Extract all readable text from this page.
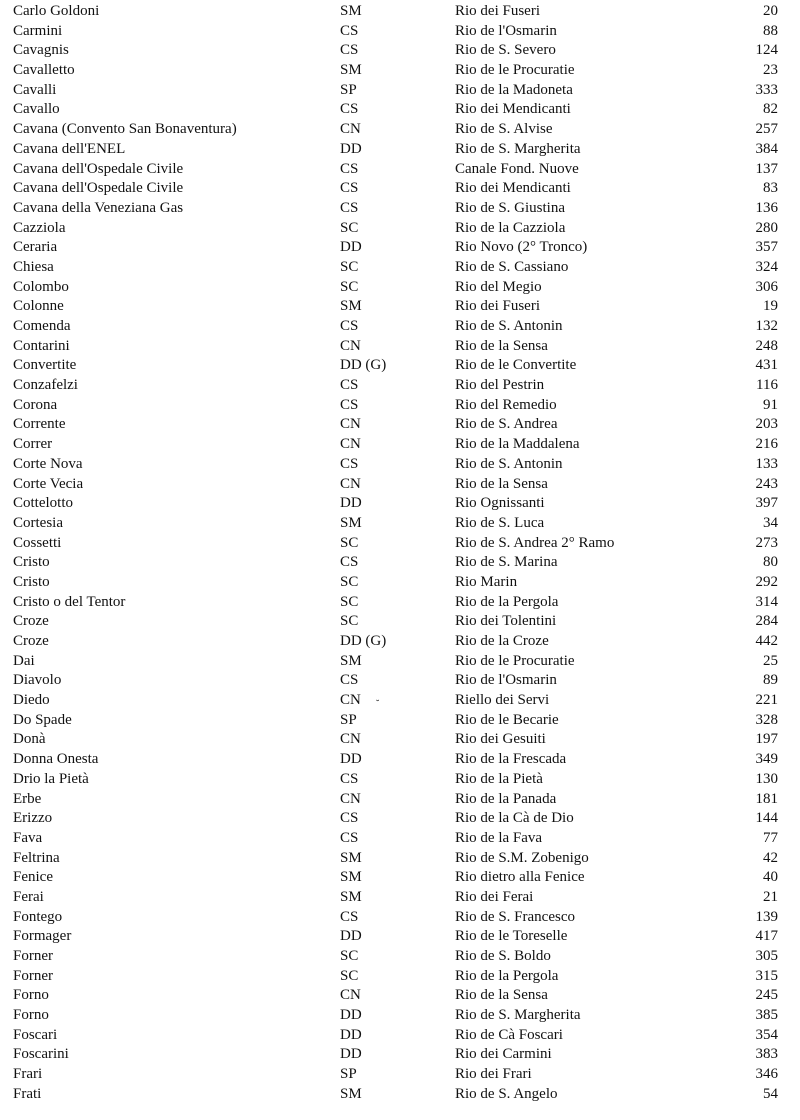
Carlo Goldoni	SM	Rio dei Fuseri	20
Carmini	CS	Rio de l'Osmarin	88
Cavagnis	CS	Rio de S. Severo	124
Cavalletto	SM	Rio de le Procuratie	23
Cavalli	SP	Rio de la Madoneta	333
Cavallo	CS	Rio dei Mendicanti	82
Cavana (Convento San Bonaventura)	CN	Rio de S. Alvise	257
Cavana dell'ENEL	DD	Rio de S. Margherita	384
Cavana dell'Ospedale Civile	CS	Canale Fond. Nuove	137
Cavana dell'Ospedale Civile	CS	Rio dei Mendicanti	83
Cavana della Veneziana Gas	CS	Rio de S. Giustina	136
Cazziola	SC	Rio de la Cazziola	280
Ceraria	DD	Rio Novo (2° Tronco)	357
Chiesa	SC	Rio de S. Cassiano	324
Colombo	SC	Rio del Megio	306
Colonne	SM	Rio dei Fuseri	19
Comenda	CS	Rio de S. Antonin	132
Contarini	CN	Rio de la Sensa	248
Convertite	DD (G)	Rio de le Convertite	431
Conzafelzi	CS	Rio del Pestrin	116
Corona	CS	Rio del Remedio	91
Corrente	CN	Rio de S. Andrea	203
Correr	CN	Rio de la Maddalena	216
Corte Nova	CS	Rio de S. Antonin	133
Corte Vecia	CN	Rio de la Sensa	243
Cottelotto	DD	Rio Ognissanti	397
Cortesia	SM	Rio de S. Luca	34
Cossetti	SC	Rio de S. Andrea 2° Ramo	273
Cristo	CS	Rio de S. Marina	80
Cristo	SC	Rio Marin	292
Cristo o del Tentor	SC	Rio de la Pergola	314
Croze	SC	Rio dei Tolentini	284
Croze	DD (G)	Rio de la Croze	442
Dai	SM	Rio de le Procuratie	25
Diavolo	CS	Rio de l'Osmarin	89
Diedo	CN	Riello dei Servi	221
Do Spade	SP	Rio de le Becarie	328
Donà	CN	Rio dei Gesuiti	197
Donna Onesta	DD	Rio de la Frescada	349
Drio la Pietà	CS	Rio de la Pietà	130
Erbe	CN	Rio de la Panada	181
Erizzo	CS	Rio de la Cà de Dio	144
Fava	CS	Rio de la Fava	77
Feltrina	SM	Rio de S.M. Zobenigo	42
Fenice	SM	Rio dietro alla Fenice	40
Ferai	SM	Rio dei Ferai	21
Fontego	CS	Rio de S. Francesco	139
Formager	DD	Rio de le Toreselle	417
Forner	SC	Rio de S. Boldo	305
Forner	SC	Rio de la Pergola	315
Forno	CN	Rio de la Sensa	245
Forno	DD	Rio de S. Margherita	385
Foscari	DD	Rio de Cà Foscari	354
Foscarini	DD	Rio dei Carmini	383
Frari	SP	Rio dei Frari	346
Frati	SM	Rio de S. Angelo	54
˘
